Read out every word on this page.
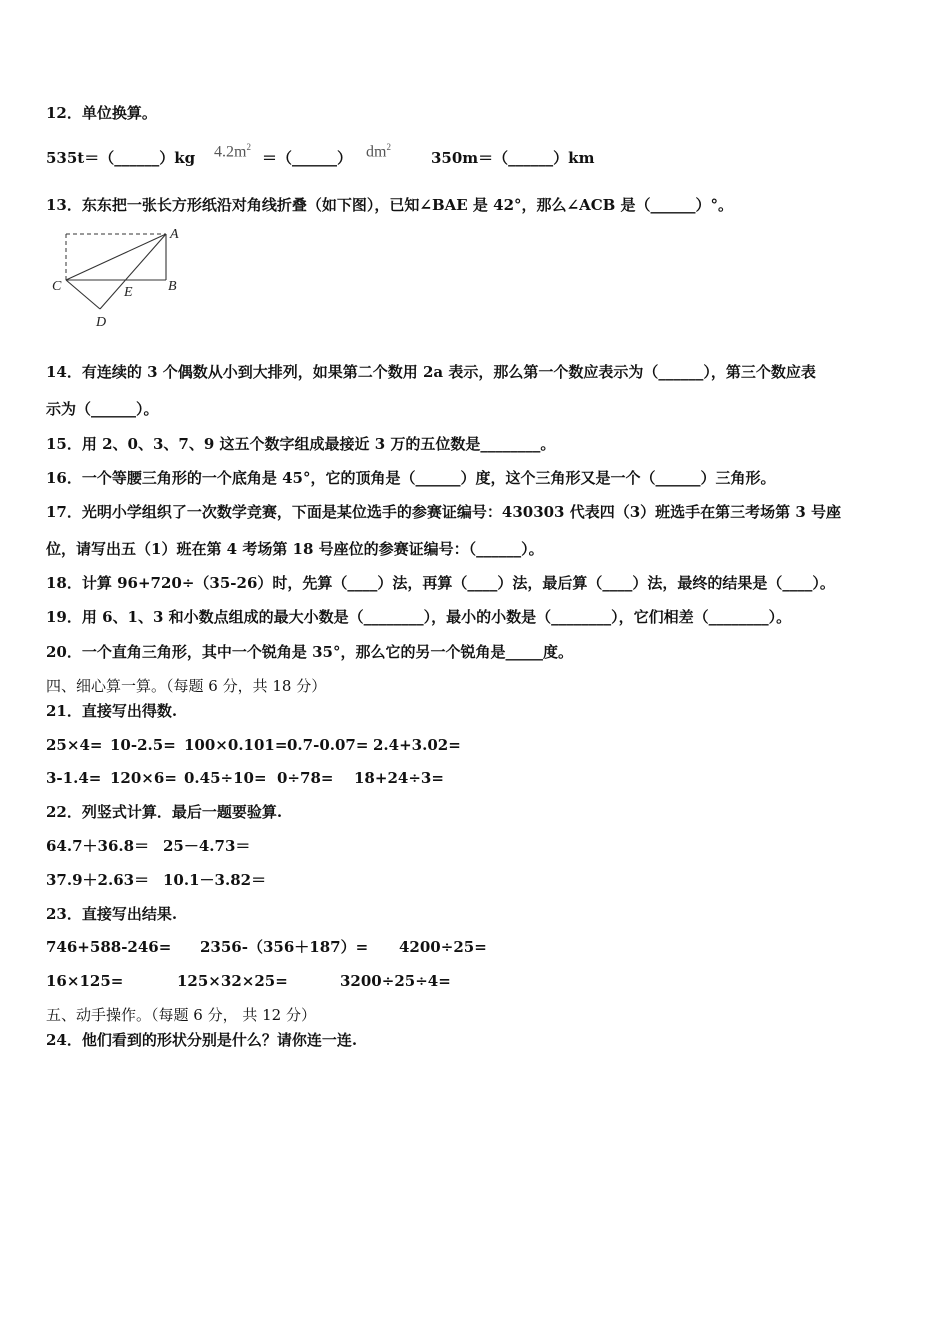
12．单位换算。
535t＝（______）kg $4.2m^2$
＝（______） $dm^2$
350m＝（______）km
13．东东把一张长方形纸沿对角线折叠（如下图），已知∠BAE 是 42°，那么∠ACB 是（______）°。
A
B
C
D
E
14．有连续的 3 个偶数从小到大排列，如果第二个数用 2a 表示，那么第一个数应表示为（______），第三个数应表
示为（______）。
15．用 2、0、3、7、9 这五个数字组成最接近 3 万的五位数是________。
16．一个等腰三角形的一个底角是 45°，它的顶角是（______）度，这个三角形又是一个（______）三角形。
17．光明小学组织了一次数学竞赛，下面是某位选手的参赛证编号：430303 代表四（3）班选手在第三考场第 3 号座
位，请写出五（1）班在第 4 考场第 18 号座位的参赛证编号：（______）。
18．计算 96+720÷（35-26）时，先算（____）法，再算（____）法，最后算（____）法，最终的结果是（____）。
19．用 6、1、3 和小数点组成的最大小数是（________），最小的小数是（________），它们相差（________）。
20．一个直角三角形，其中一个锐角是 35°，那么它的另一个锐角是_____度。
四、细心算一算。（每题 6 分，共 18 分）
21．直接写出得数.
25×4= 10-2.5= 100×0.101=0.7-0.07= 2.4+3.02=
3-1.4= 120×6= 0.45÷10= 0÷78= 18+24÷3=
22．列竖式计算．最后一题要验算.
64.7＋36.8＝ 25－4.73＝
37.9＋2.63＝ 10.1－3.82＝
23．直接写出结果.
746+588-246= 2356-（356＋187）= 4200÷25=
16×125=	125×32×25=	3200÷25÷4=
五、动手操作。（每题 6 分， 共 12 分）
24．他们看到的形状分别是什么？请你连一连.
